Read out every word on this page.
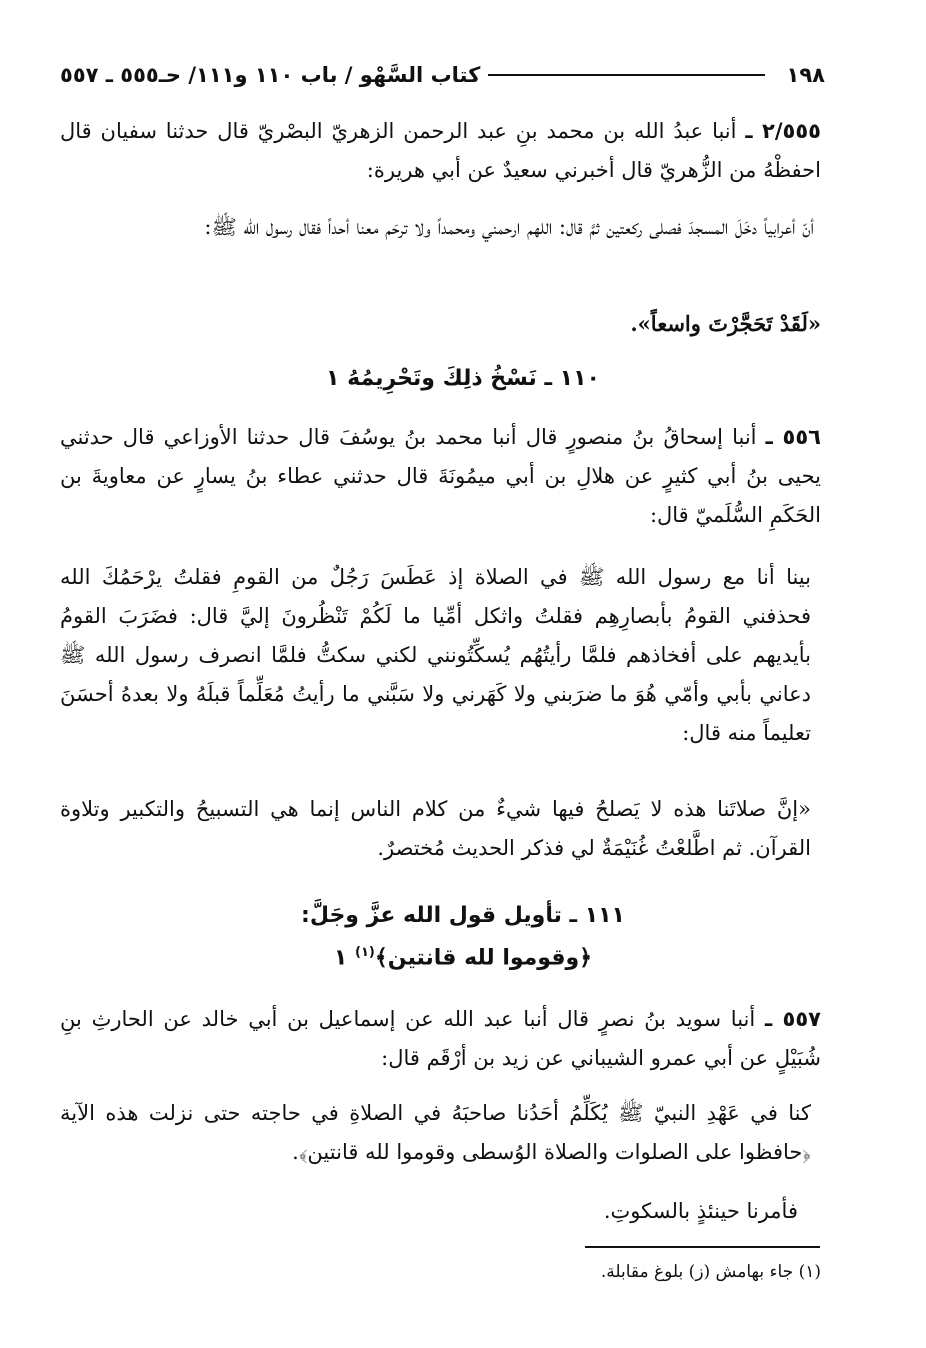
١٩٨
كتاب السَّهْو / باب ١١٠ و١١١/ حـ٥٥٥ ـ ٥٥٧
٢/٥٥٥ ـ أنبا عبدُ الله بن محمد بنِ عبد الرحمن الزهريّ البصْريّ قال حدثنا سفيان قال احفظْهُ من الزُّهريّ قال أخبرني سعيدٌ عن أبي هريرة:
أنّ أعرابياً دخَلَ المسجدَ فصلى ركعتين ثمَّ قال: اللهم ارحمني ومحمداً ولا ترحَم معنا أحداً فقال رسول الله ﷺ:
«لَقَدْ تَحَجَّرْتَ واسعاً».
١١٠ ـ نَسْخُ ذلِكَ وتَحْرِيمُهُ ١
٥٥٦ ـ أنبا إسحاقُ بنُ منصورٍ قال أنبا محمد بنُ يوسُفَ قال حدثنا الأوزاعي قال حدثني يحيى بنُ أبي كثيرٍ عن هلالِ بن أبي ميمُونَةَ قال حدثني عطاء بنُ يسارٍ عن معاويةَ بن الحَكَمِ السُّلَميّ قال:
بينا أنا مع رسول الله ﷺ في الصلاة إذ عَطَسَ رَجُلٌ من القومِ فقلتُ يرْحَمُكَ الله فحذفني القومُ بأبصارِهِم فقلتُ واثكل أمِّيا ما لَكُمْ تَنْظُرونَ إليَّ قال: فضَرَبَ القومُ بأيديهم على أفخاذهم فلمَّا رأيتُهُم يُسكِّتُونني لكني سكتُّ فلمَّا انصرف رسول الله ﷺ دعاني بأبي وأمّي هُوَ ما ضرَبني ولا كَهَرني ولا سَبَّني ما رأيتُ مُعَلِّماً قبلَهُ ولا بعدهُ أحسَنَ تعليماً منه قال:
«إنَّ صلاتَنا هذه لا يَصلحُ فيها شيءٌ من كلام الناس إنما هي التسبيحُ والتكبير وتلاوة القرآن. ثم اطَّلعْتُ غُنَيْمَةٌ لي فذكر الحديث مُختصرٌ.
١١١ ـ تأويل قول الله عزَّ وجَلَّ:
﴿وقوموا لله قانتين﴾$^{(١)}$ ١
٥٥٧ ـ أنبا سويد بنُ نصرٍ قال أنبا عبد الله عن إسماعيل بن أبي خالد عن الحارثِ بنِ شُبَيْلٍ عن أبي عمرو الشيباني عن زيد بن أرْقَم قال:
كنا في عَهْدِ النبيّ ﷺ يُكَلِّمُ أحَدُنا صاحبَهُ في الصلاةِ في حاجته حتى نزلت هذه الآية ﴿حافظوا على الصلوات والصلاة الوُسطى وقوموا لله قانتين﴾.
فأمرنا حينئذٍ بالسكوتِ.
(١) جاء بهامش (ز) بلوغ مقابلة.
